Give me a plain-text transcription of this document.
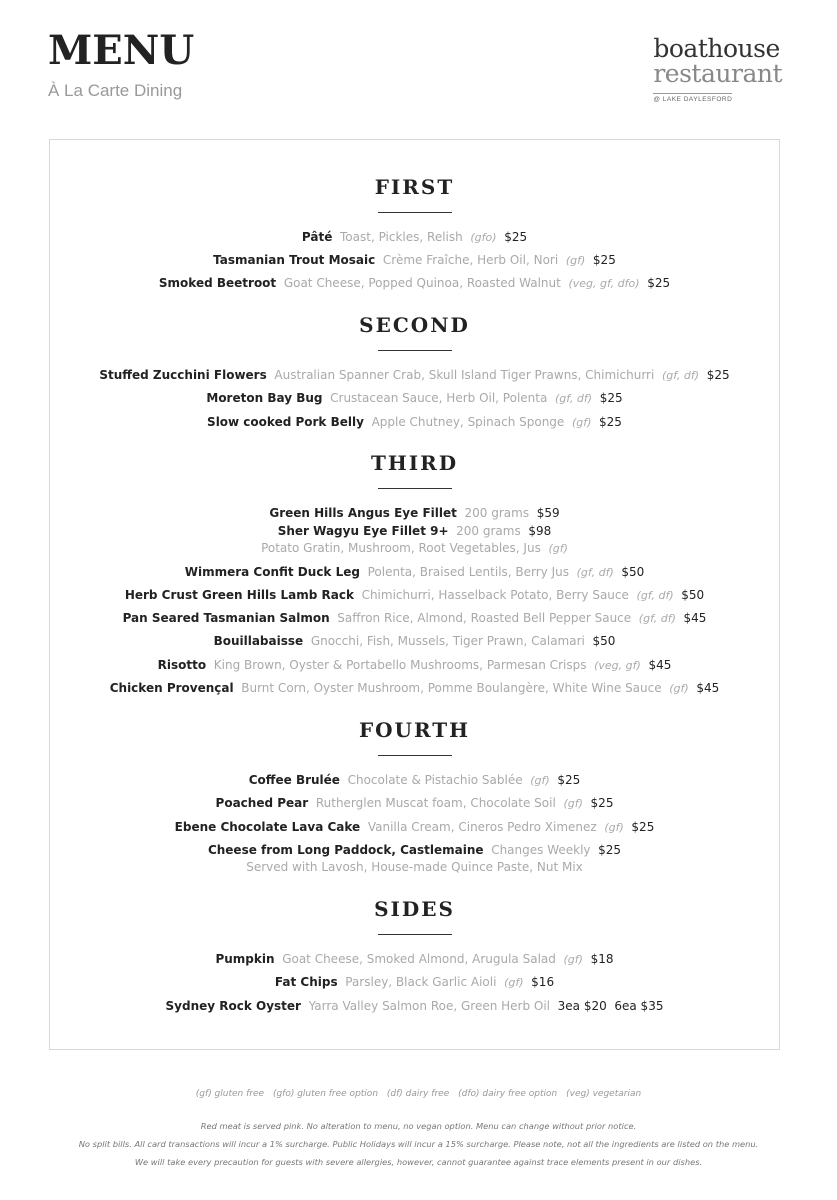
MENU
À La Carte Dining
boathouse
restaurant
@ LAKE DAYLESFORD
FIRST
Pâté Toast, Pickles, Relish (gfo) $25
Tasmanian Trout Mosaic Crème Fraîche, Herb Oil, Nori (gf) $25
Smoked Beetroot Goat Cheese, Popped Quinoa, Roasted Walnut (veg, gf, dfo) $25
SECOND
Stuffed Zucchini Flowers Australian Spanner Crab, Skull Island Tiger Prawns, Chimichurri (gf, df) $25
Moreton Bay Bug Crustacean Sauce, Herb Oil, Polenta (gf, df) $25
Slow cooked Pork Belly Apple Chutney, Spinach Sponge (gf) $25
THIRD
Green Hills Angus Eye Fillet 200 grams $59
Sher Wagyu Eye Fillet 9+ 200 grams $98
Potato Gratin, Mushroom, Root Vegetables, Jus (gf)
Wimmera Confit Duck Leg Polenta, Braised Lentils, Berry Jus (gf, df) $50
Herb Crust Green Hills Lamb Rack Chimichurri, Hasselback Potato, Berry Sauce (gf, df) $50
Pan Seared Tasmanian Salmon Saffron Rice, Almond, Roasted Bell Pepper Sauce (gf, df) $45
Bouillabaisse Gnocchi, Fish, Mussels, Tiger Prawn, Calamari $50
Risotto King Brown, Oyster & Portabello Mushrooms, Parmesan Crisps (veg, gf) $45
Chicken Provençal Burnt Corn, Oyster Mushroom, Pomme Boulangère, White Wine Sauce (gf) $45
FOURTH
Coffee Brulée Chocolate & Pistachio Sablée (gf) $25
Poached Pear Rutherglen Muscat foam, Chocolate Soil (gf) $25
Ebene Chocolate Lava Cake Vanilla Cream, Cineros Pedro Ximenez (gf) $25
Cheese from Long Paddock, Castlemaine Changes Weekly $25
Served with Lavosh, House-made Quince Paste, Nut Mix
SIDES
Pumpkin Goat Cheese, Smoked Almond, Arugula Salad (gf) $18
Fat Chips Parsley, Black Garlic Aioli (gf) $16
Sydney Rock Oyster Yarra Valley Salmon Roe, Green Herb Oil 3ea $20  6ea $35
(gf) gluten free (gfo) gluten free option (df) dairy free (dfo) dairy free option (veg) vegetarian
Red meat is served pink. No alteration to menu, no vegan option. Menu can change without prior notice.
No split bills. All card transactions will incur a 1% surcharge. Public Holidays will incur a 15% surcharge. Please note, not all the ingredients are listed on the menu.
We will take every precaution for guests with severe allergies, however, cannot guarantee against trace elements present in our dishes.
